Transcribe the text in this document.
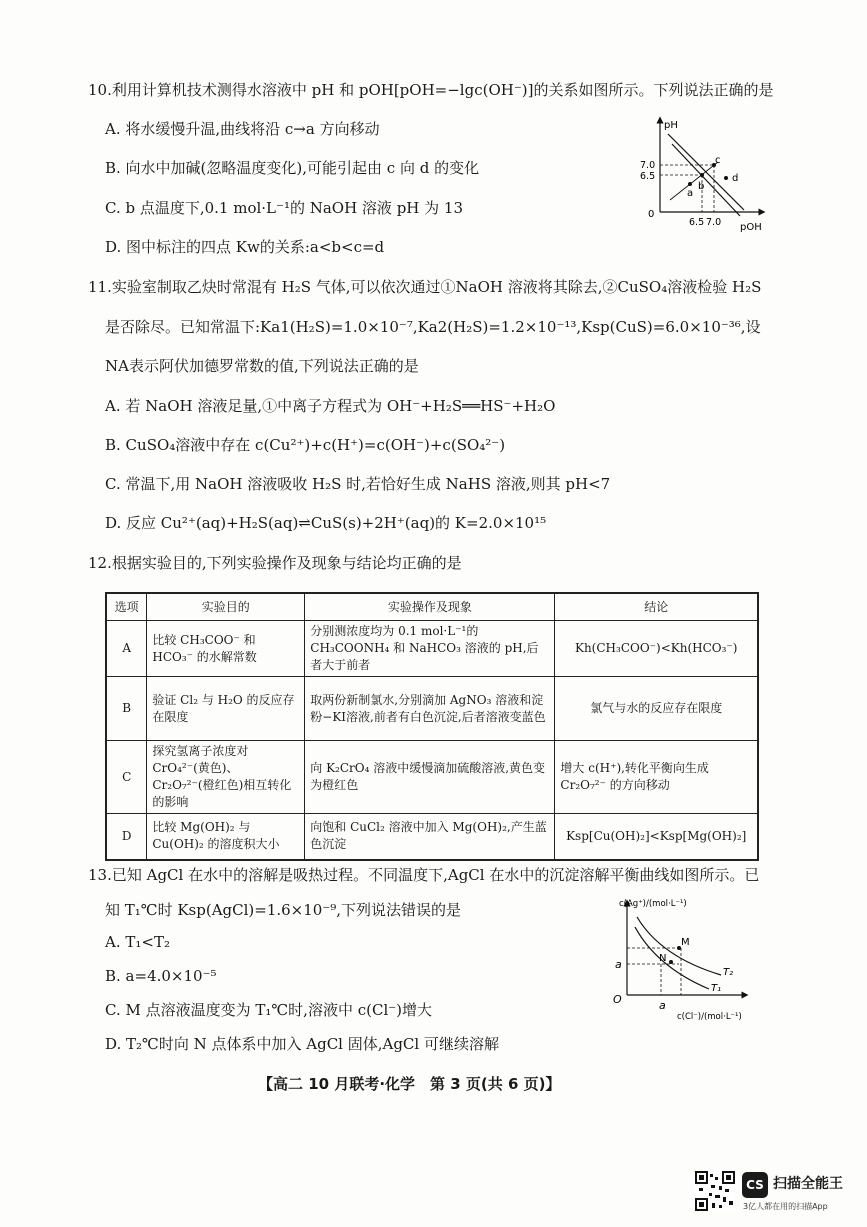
10.利用计算机技术测得水溶液中 pH 和 pOH[pOH=−lgc(OH⁻)]的关系如图所示。下列说法正确的是
A. 将水缓慢升温,曲线将沿 c→a 方向移动
B. 向水中加碱(忽略温度变化),可能引起由 c 向 d 的变化
C. b 点温度下,0.1 mol·L⁻¹的 NaOH 溶液 pH 为 13
D. 图中标注的四点 Kw的关系:a<b<c=d
pH
pOH
0
7.0
6.5
6.5 7.0
a
b
c
d
11.实验室制取乙炔时常混有 H₂S 气体,可以依次通过①NaOH 溶液将其除去,②CuSO₄溶液检验 H₂S
是否除尽。已知常温下:Ka1(H₂S)=1.0×10⁻⁷,Ka2(H₂S)=1.2×10⁻¹³,Ksp(CuS)=6.0×10⁻³⁶,设
NA表示阿伏加德罗常数的值,下列说法正确的是
A. 若 NaOH 溶液足量,①中离子方程式为 OH⁻+H₂S══HS⁻+H₂O
B. CuSO₄溶液中存在 c(Cu²⁺)+c(H⁺)=c(OH⁻)+c(SO₄²⁻)
C. 常温下,用 NaOH 溶液吸收 H₂S 时,若恰好生成 NaHS 溶液,则其 pH<7
D. 反应 Cu²⁺(aq)+H₂S(aq)⇌CuS(s)+2H⁺(aq)的 K=2.0×10¹⁵
12.根据实验目的,下列实验操作及现象与结论均正确的是
选项	实验目的	实验操作及现象	结论
A	比较 CH₃COO⁻ 和 HCO₃⁻ 的水解常数	分别测浓度均为 0.1 mol·L⁻¹的 CH₃COONH₄ 和 NaHCO₃ 溶液的 pH,后者大于前者	Kh(CH₃COO⁻)<Kh(HCO₃⁻)
B	验证 Cl₂ 与 H₂O 的反应存在限度	取两份新制氯水,分别滴加 AgNO₃ 溶液和淀粉−KI溶液,前者有白色沉淀,后者溶液变蓝色	氯气与水的反应存在限度
C	探究氢离子浓度对 CrO₄²⁻(黄色)、Cr₂O₇²⁻(橙红色)相互转化的影响	向 K₂CrO₄ 溶液中缓慢滴加硫酸溶液,黄色变为橙红色	增大 c(H⁺),转化平衡向生成 Cr₂O₇²⁻ 的方向移动
D	比较 Mg(OH)₂ 与 Cu(OH)₂ 的溶度积大小	向饱和 CuCl₂ 溶液中加入 Mg(OH)₂,产生蓝色沉淀	Ksp[Cu(OH)₂]<Ksp[Mg(OH)₂]
13.已知 AgCl 在水中的溶解是吸热过程。不同温度下,AgCl 在水中的沉淀溶解平衡曲线如图所示。已
知 T₁℃时 Ksp(AgCl)=1.6×10⁻⁹,下列说法错误的是
A. T₁<T₂
B. a=4.0×10⁻⁵
C. M 点溶液温度变为 T₁℃时,溶液中 c(Cl⁻)增大
D. T₂℃时向 N 点体系中加入 AgCl 固体,AgCl 可继续溶解
c(Ag⁺)/(mol·L⁻¹)
c(Cl⁻)/(mol·L⁻¹)
O
a
a
M
N
T₂
T₁
【高二 10 月联考·化学　第 3 页(共 6 页)】
CS 扫描全能王
3亿人都在用的扫描App
